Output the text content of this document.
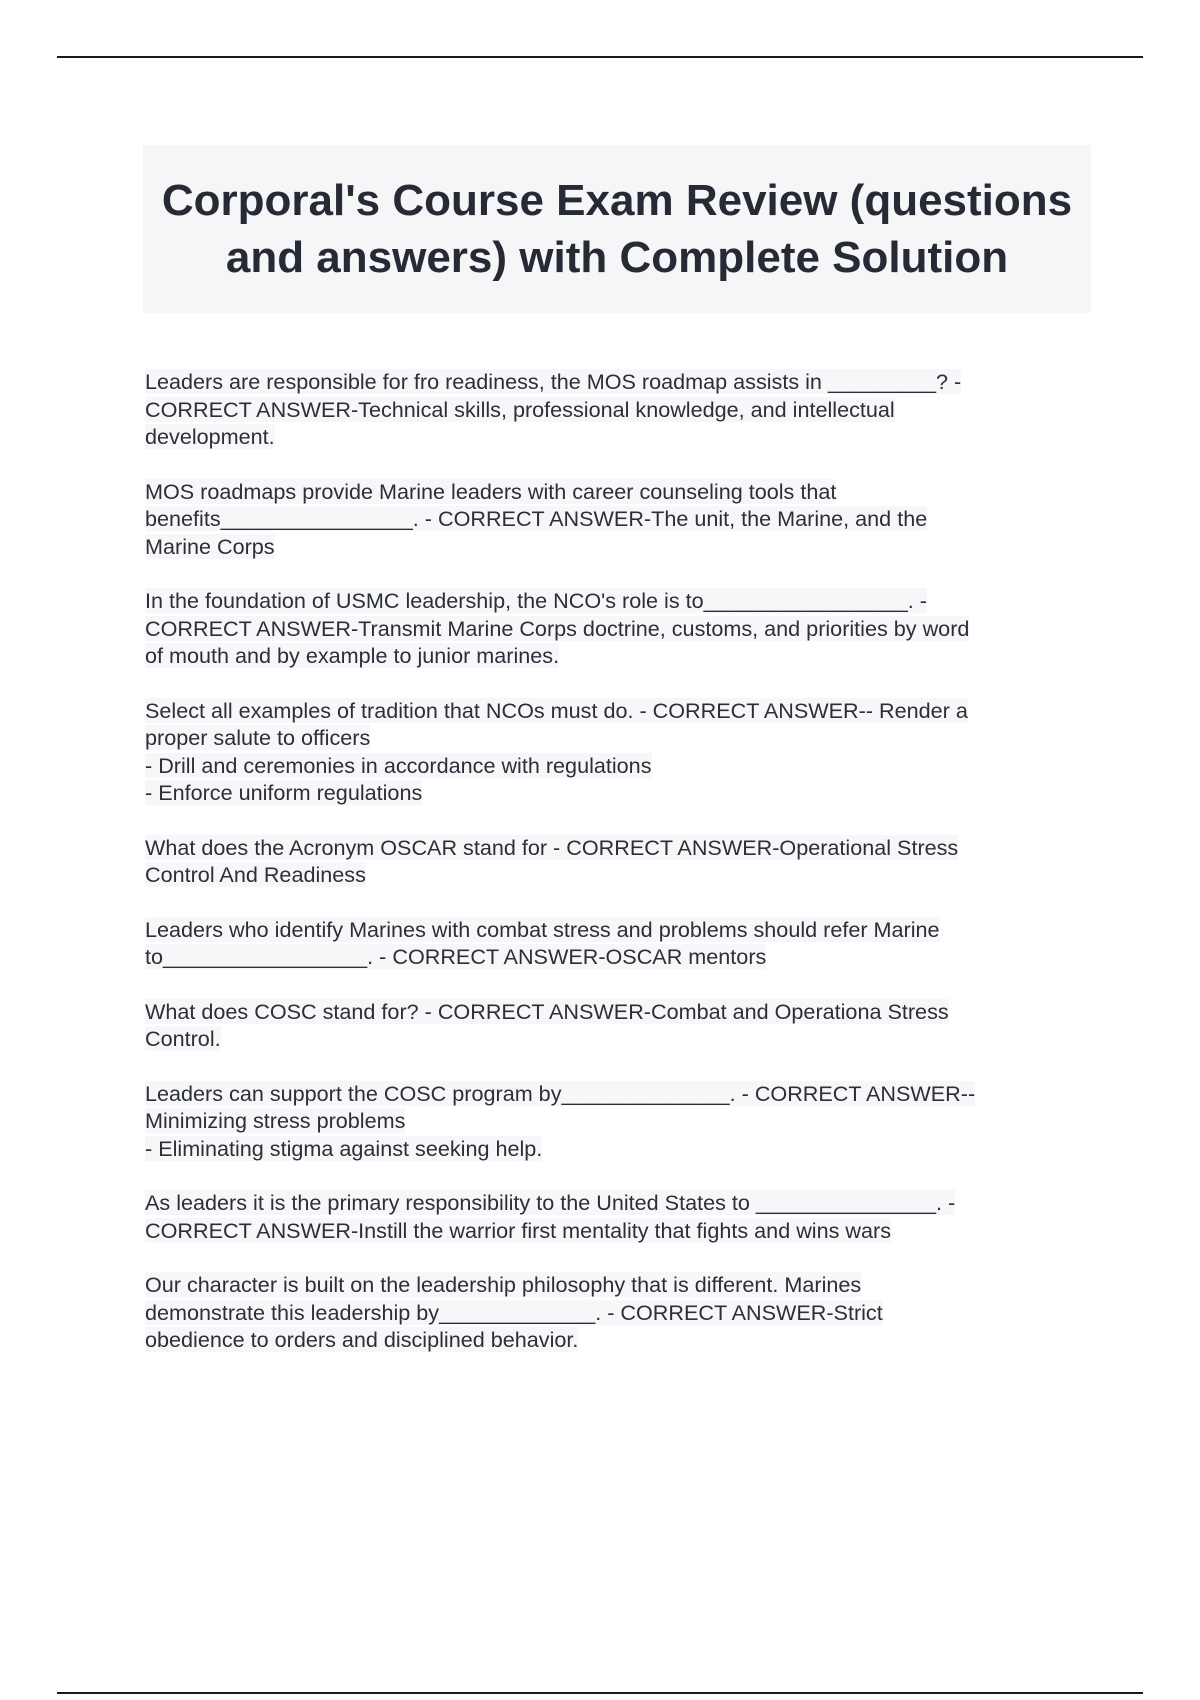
Corporal's Course Exam Review (questions and answers) with Complete Solution

Leaders are responsible for fro readiness, the MOS roadmap assists in _________? -
CORRECT ANSWER-Technical skills, professional knowledge, and intellectual
development.

MOS roadmaps provide Marine leaders with career counseling tools that
benefits________________. - CORRECT ANSWER-The unit, the Marine, and the
Marine Corps

In the foundation of USMC leadership, the NCO's role is to_________________. -
CORRECT ANSWER-Transmit Marine Corps doctrine, customs, and priorities by word
of mouth and by example to junior marines.

Select all examples of tradition that NCOs must do. - CORRECT ANSWER-- Render a
proper salute to officers
- Drill and ceremonies in accordance with regulations
- Enforce uniform regulations

What does the Acronym OSCAR stand for - CORRECT ANSWER-Operational Stress
Control And Readiness

Leaders who identify Marines with combat stress and problems should refer Marine
to_________________. - CORRECT ANSWER-OSCAR mentors

What does COSC stand for? - CORRECT ANSWER-Combat and Operationa Stress
Control.

Leaders can support the COSC program by______________. - CORRECT ANSWER--
Minimizing stress problems
- Eliminating stigma against seeking help.

As leaders it is the primary responsibility to the United States to _______________. -
CORRECT ANSWER-Instill the warrior first mentality that fights and wins wars

Our character is built on the leadership philosophy that is different. Marines
demonstrate this leadership by_____________. - CORRECT ANSWER-Strict
obedience to orders and disciplined behavior.
